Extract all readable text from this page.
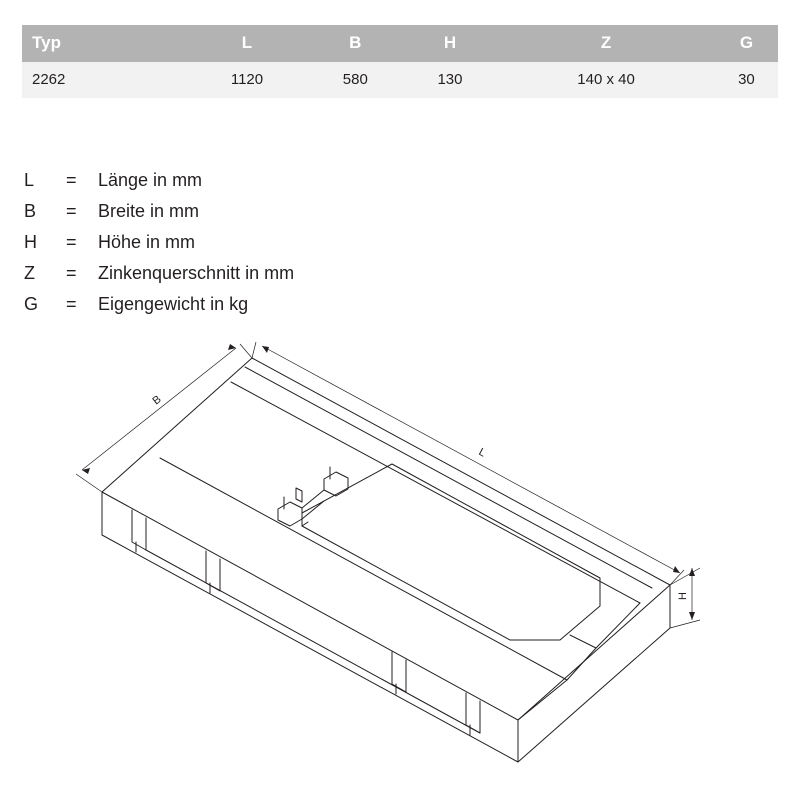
Typ	L	B	H	Z	G
2262	1120	580	130	140 x 40	30
L	=	Länge in mm
B	=	Breite in mm
H	=	Höhe in mm
Z	=	Zinkenquerschnitt in mm
G	=	Eigengewicht in kg
B
L
H
